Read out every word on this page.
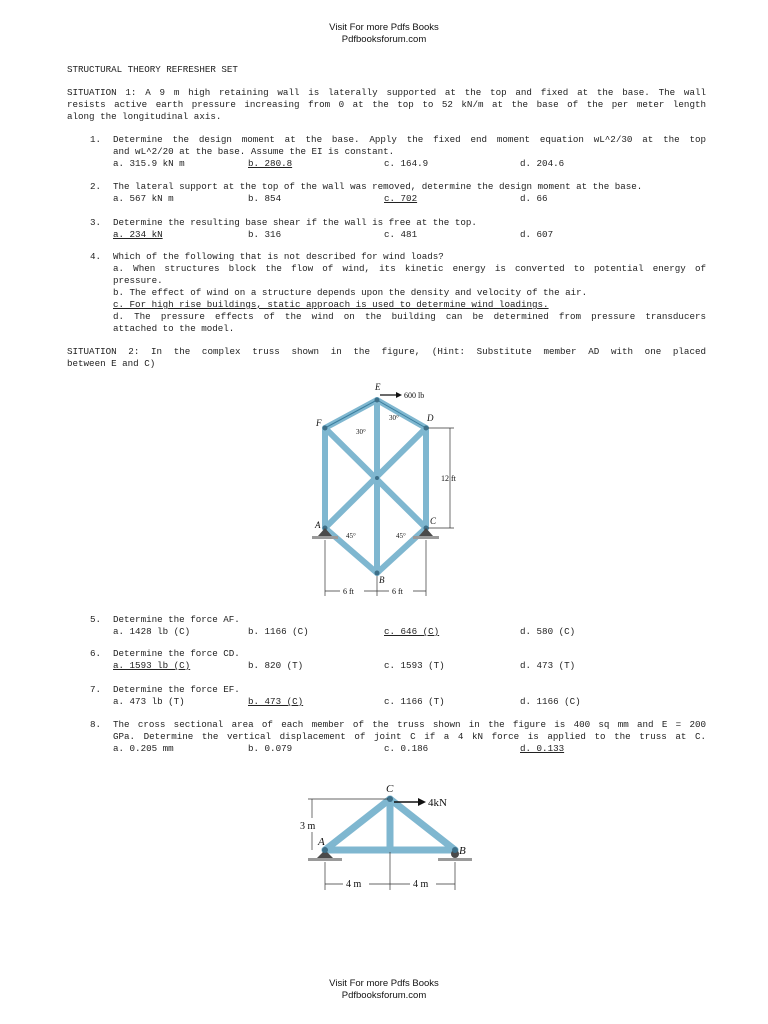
Visit For more Pdfs Books
Pdfbooksforum.com
STRUCTURAL THEORY REFRESHER SET
SITUATION 1: A 9 m high retaining wall is laterally supported at the top and fixed at the base. The wall
resists active earth pressure increasing from 0 at the top to 52 kN/m at the base of the per meter length
along the longitudinal axis.
1. Determine the design moment at the base. Apply the fixed end moment equation wL^2/30 at the top
and wL^2/20 at the base. Assume the EI is constant.
a. 315.9 kN m	b. 280.8	c. 164.9	d. 204.6
2. The lateral support at the top of the wall was removed, determine the design moment at the base.
a. 567 kN m	b. 854	c. 702	d. 66
3. Determine the resulting base shear if the wall is free at the top.
a. 234 kN	b. 316	c. 481	d. 607
4. Which of the following that is not described for wind loads?
a. When structures block the flow of wind, its kinetic energy is converted to potential energy of
pressure.
b. The effect of wind on a structure depends upon the density and velocity of the air.
c. For high rise buildings, static approach is used to determine wind loadings.
d. The pressure effects of the wind on the building can be determined from pressure transducers
attached to the model.
SITUATION 2: In the complex truss shown in the figure, (Hint: Substitute member AD with one placed
between E and C)
600 lb
12 ft
6 ft	6 ft
30°
30°
45°	45°
E
F	D
A	C
B
5. Determine the force AF.
a. 1428 lb (C)	b. 1166 (C)	c. 646 (C)	d. 580 (C)
6. Determine the force CD.
a. 1593 lb (C)	b. 820 (T)	c. 1593 (T)	d. 473 (T)
7. Determine the force EF.
a. 473 lb (T)	b. 473 (C)	c. 1166 (T)	d. 1166 (C)
8. The cross sectional area of each member of the truss shown in the figure is 400 sq mm and E = 200
GPa. Determine the vertical displacement of joint C if a 4 kN force is applied to the truss at C.
a. 0.205 mm	b. 0.079	c. 0.186	d. 0.133
4kN
3 m
4 m	4 m
C
A
B
Visit For more Pdfs Books
Pdfbooksforum.com
